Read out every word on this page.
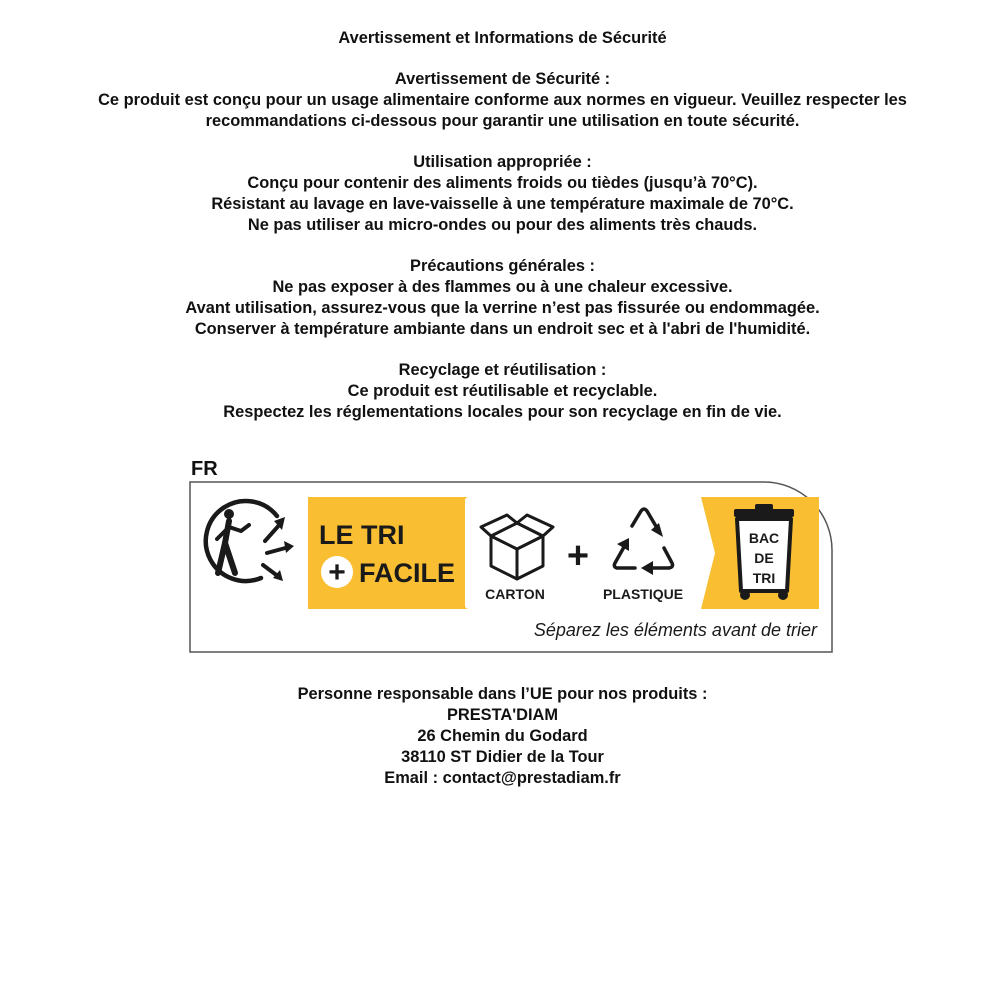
Avertissement et Informations de Sécurité
Avertissement de Sécurité :
Ce produit est conçu pour un usage alimentaire conforme aux normes en vigueur. Veuillez respecter les
recommandations ci-dessous pour garantir une utilisation en toute sécurité.
Utilisation appropriée :
Conçu pour contenir des aliments froids ou tièdes (jusqu’à 70°C).
Résistant au lavage en lave-vaisselle à une température maximale de 70°C.
Ne pas utiliser au micro-ondes ou pour des aliments très chauds.
Précautions générales :
Ne pas exposer à des flammes ou à une chaleur excessive.
Avant utilisation, assurez-vous que la verrine n’est pas fissurée ou endommagée.
Conserver à température ambiante dans un endroit sec et à l'abri de l'humidité.
Recyclage et réutilisation :
Ce produit est réutilisable et recyclable.
Respectez les réglementations locales pour son recyclage en fin de vie.
FR
LE TRI
+ FACILE
CARTON
+
PLASTIQUE
BAC
DE
TRI
Séparez les éléments avant de trier
Personne responsable dans l’UE pour nos produits :
PRESTA'DIAM
26 Chemin du Godard
38110 ST Didier de la Tour
Email : contact@prestadiam.fr
